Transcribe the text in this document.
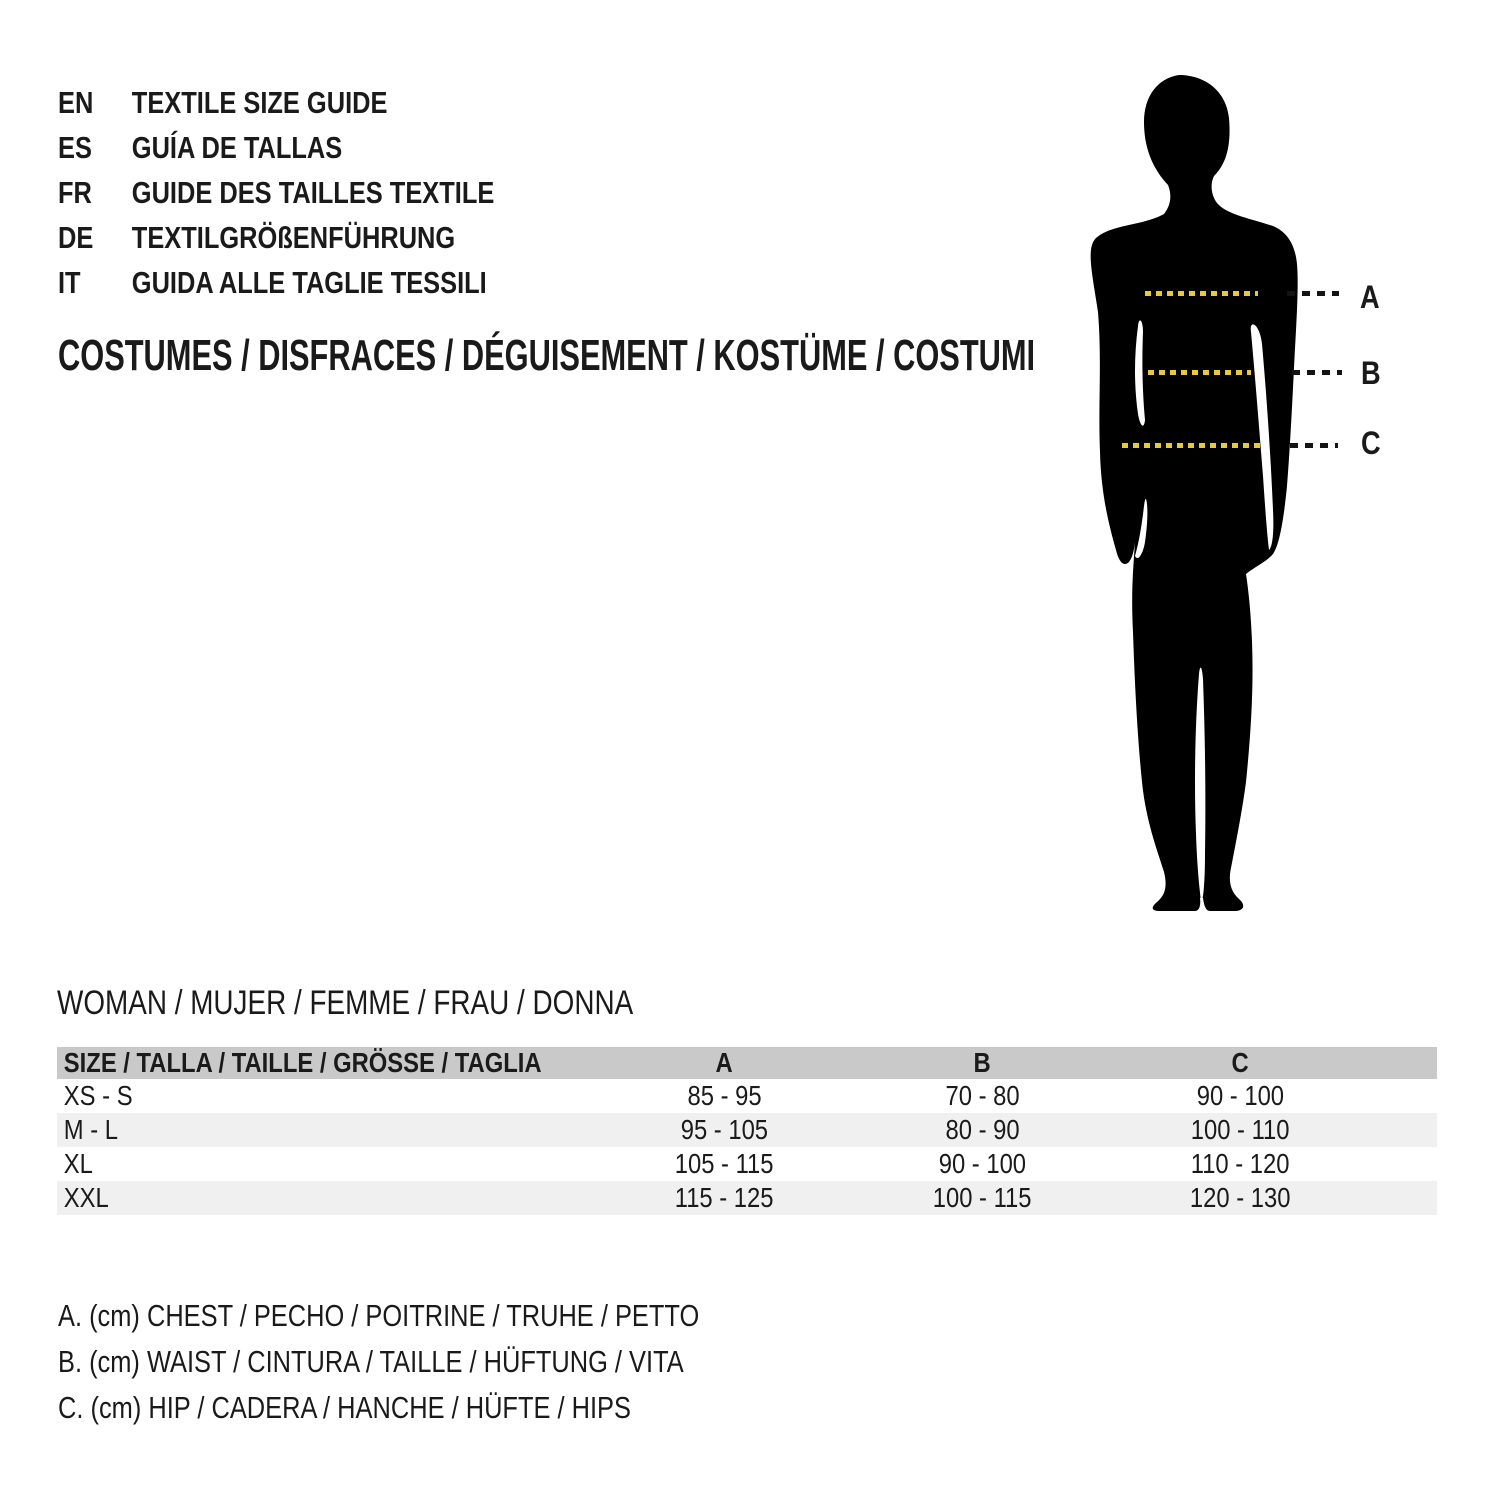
EN	TEXTILE SIZE GUIDE
ES	GUÍA DE TALLAS
FR	GUIDE DES TAILLES TEXTILE
DE	TEXTILGRÖßENFÜHRUNG
IT	GUIDA ALLE TAGLIE TESSILI
COSTUMES / DISFRACES / DÉGUISEMENT / KOSTÜME / COSTUMI
A
B
C
WOMAN / MUJER / FEMME / FRAU / DONNA
SIZE / TALLA / TAILLE / GRÖSSE / TAGLIA	A	B	C	
XS - S	85 - 95	70 - 80	90 - 100	
M - L	95 - 105	80 - 90	100 - 110	
XL	105 - 115	90 - 100	110 - 120	
XXL	115 - 125	100 - 115	120 - 130	
A. (cm) CHEST / PECHO / POITRINE / TRUHE / PETTO
B. (cm) WAIST / CINTURA / TAILLE / HÜFTUNG / VITA
C. (cm) HIP / CADERA / HANCHE / HÜFTE / HIPS
